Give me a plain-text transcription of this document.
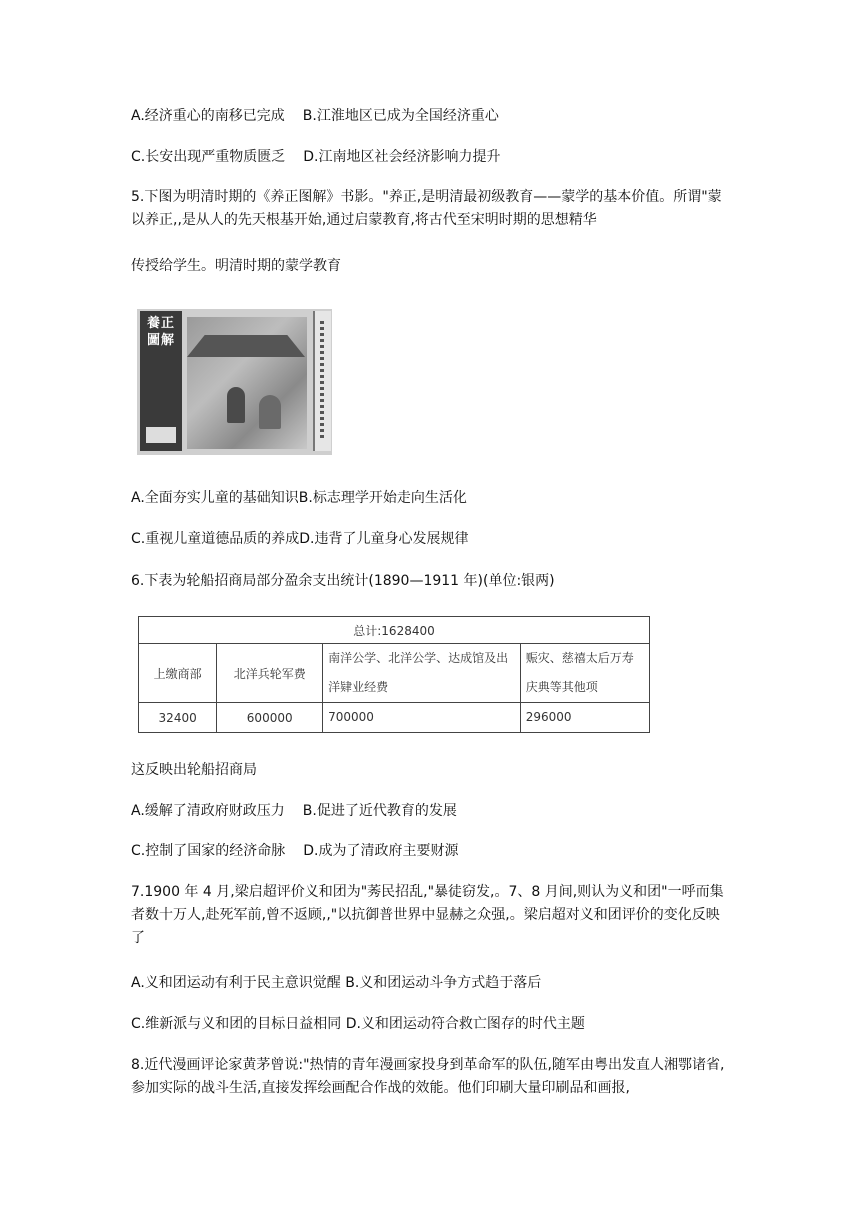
A.经济重心的南移已完成 B.江淮地区已成为全国经济重心
C.长安出现严重物质匮乏 D.江南地区社会经济影响力提升
5.下图为明清时期的《养正图解》书影。"养正,是明清最初级教育——蒙学的基本价值。所谓"蒙以养正,,是从人的先天根基开始,通过启蒙教育,将古代至宋明时期的思想精华
传授给学生。明清时期的蒙学教育
養正圖解
A.全面夯实儿童的基础知识B.标志理学开始走向生活化
C.重视儿童道德品质的养成D.违背了儿童身心发展规律
6.下表为轮船招商局部分盈余支出统计(1890—1911 年)(单位:银两)
总计:1628400			
上缴商部	北洋兵轮军费	南洋公学、北洋公学、达成馆及出洋肄业经费	赈灾、慈禧太后万寿庆典等其他项
32400	600000	700000	296000
这反映出轮船招商局
A.缓解了清政府财政压力 B.促进了近代教育的发展
C.控制了国家的经济命脉 D.成为了清政府主要财源
7.1900 年 4 月,梁启超评价义和团为"莠民招乱,"暴徒窃发,。7、8 月间,则认为义和团"一呼而集者数十万人,赴死军前,曾不返顾,,"以抗御普世界中显赫之众强,。梁启超对义和团评价的变化反映了
A.义和团运动有利于民主意识觉醒 B.义和团运动斗争方式趋于落后
C.维新派与义和团的目标日益相同 D.义和团运动符合救亡图存的时代主题
8.近代漫画评论家黄茅曾说:"热情的青年漫画家投身到革命军的队伍,随军由粤出发直人湘鄂诸省,参加实际的战斗生活,直接发挥绘画配合作战的效能。他们印刷大量印刷品和画报,
